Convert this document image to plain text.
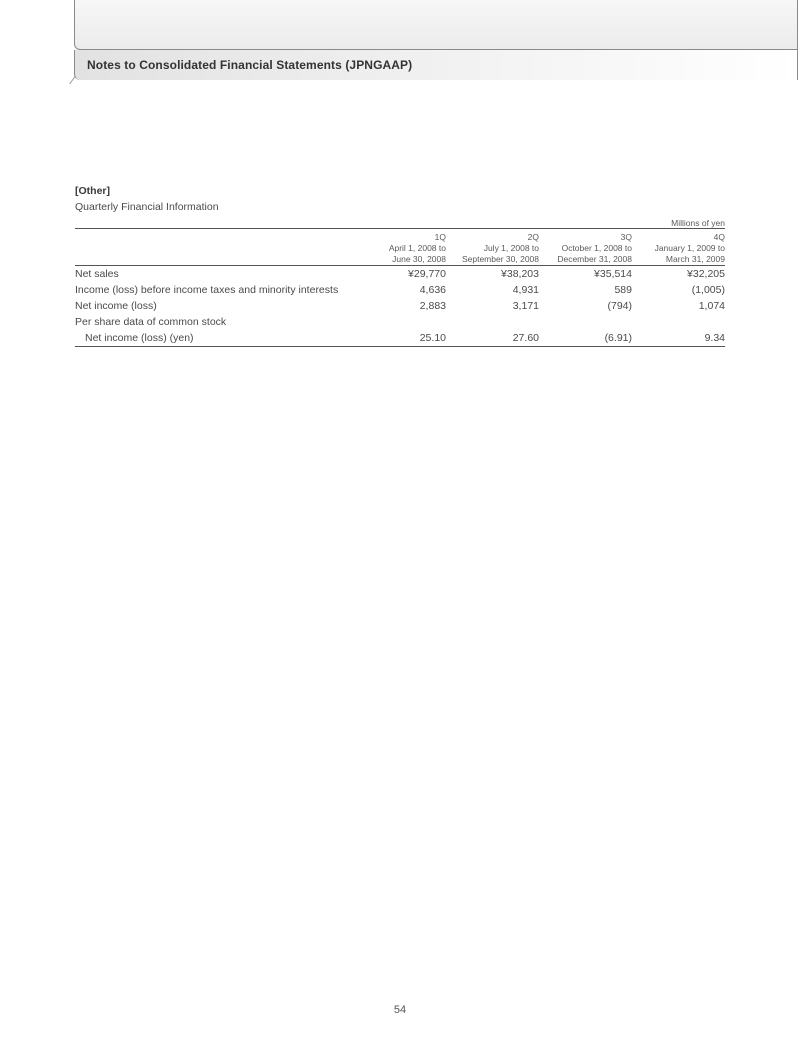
Notes to Consolidated Financial Statements (JPNGAAP)
[Other]
Quarterly Financial Information
Millions of yen
	1Q	2Q	3Q	4Q
	April 1, 2008 to	July 1, 2008 to	October 1, 2008 to	January 1, 2009 to
	June 30, 2008	September 30, 2008	December 31, 2008	March 31, 2009
Net sales	¥29,770	¥38,203	¥35,514	¥32,205
Income (loss) before income taxes and minority interests	4,636	4,931	589	(1,005)
Net income (loss)	2,883	3,171	(794)	1,074
Per share data of common stock				
Net income (loss) (yen)	25.10	27.60	(6.91)	9.34
54
